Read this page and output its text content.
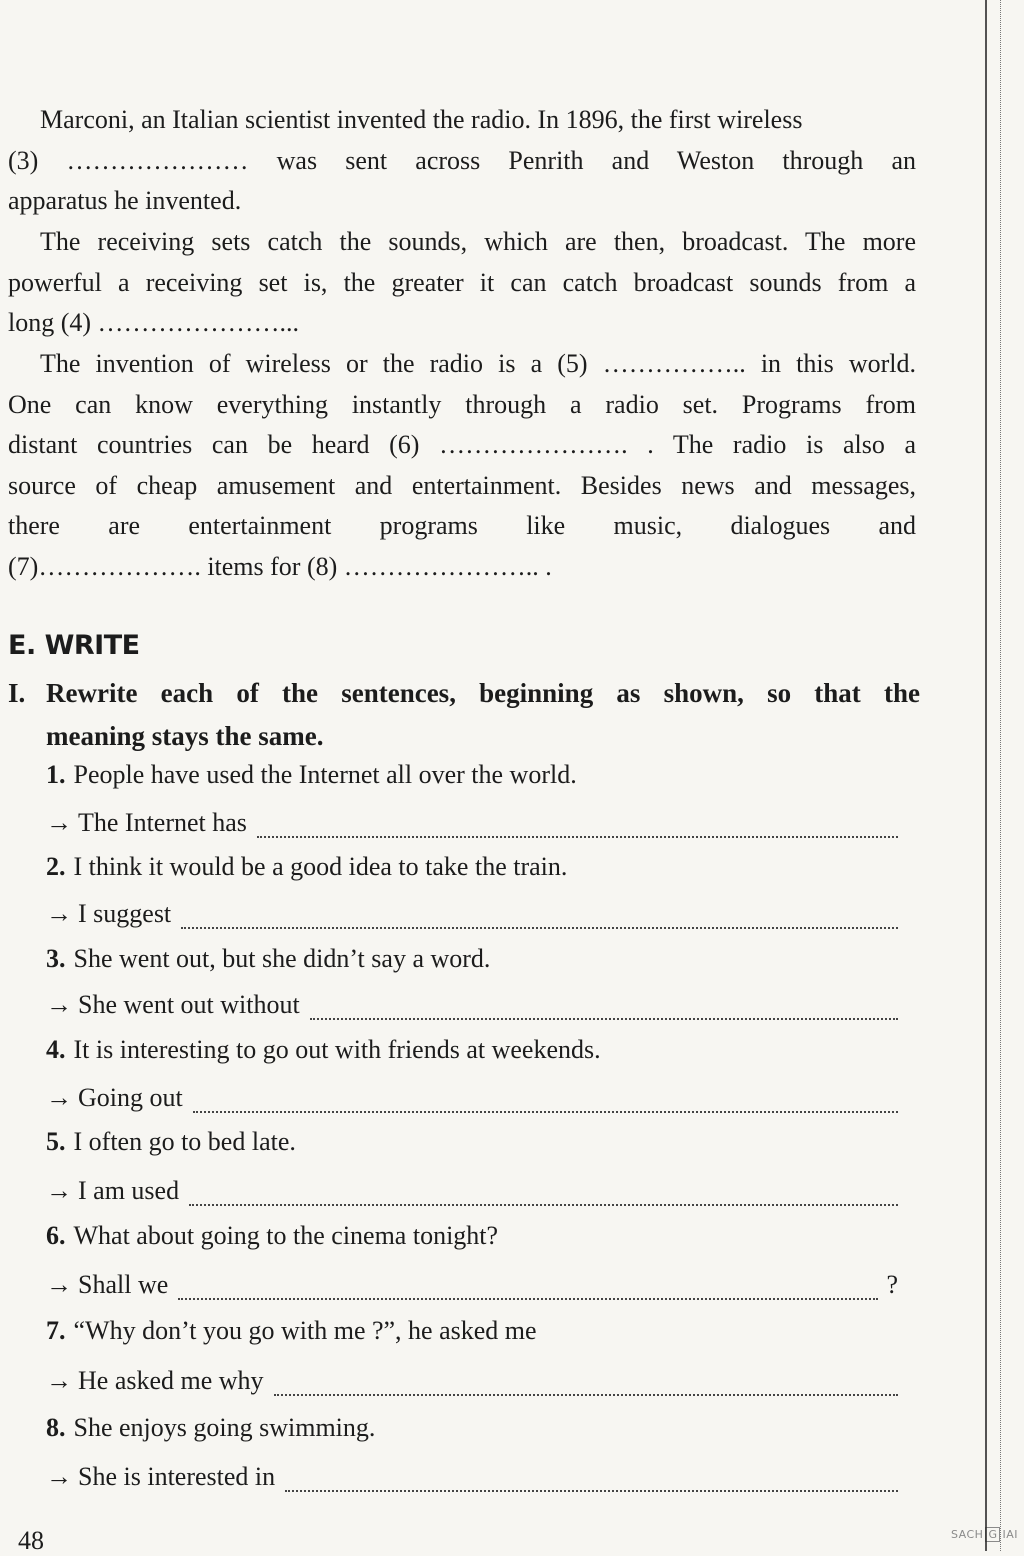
Marconi, an Italian scientist invented the radio. In 1896, the first wireless
(3) ………………… was sent across Penrith and Weston through an
apparatus he invented.
The receiving sets catch the sounds, which are then, broadcast. The more
powerful a receiving set is, the greater it can catch broadcast sounds from a
long (4) …………………...
The invention of wireless or the radio is a (5) …………….. in this world.
One can know everything instantly through a radio set. Programs from
distant countries can be heard (6) …………………. . The radio is also a
source of cheap amusement and entertainment. Besides news and messages,
there are entertainment programs like music, dialogues and
(7)………………. items for (8) ………………….. .
E. WRITE
I. Rewrite each of the sentences, beginning as shown, so that the
meaning stays the same.
1. People have used the Internet all over the world.
→ The Internet has
2. I think it would be a good idea to take the train.
→ I suggest
3. She went out, but she didn’t say a word.
→ She went out without
4. It is interesting to go out with friends at weekends.
→ Going out
5. I often go to bed late.
→ I am used
6. What about going to the cinema tonight?
→ Shall we	?
7. “Why don’t you go with me ?”, he asked me
→ He asked me why
8. She enjoys going swimming.
→ She is interested in
48	SACH G IAI
